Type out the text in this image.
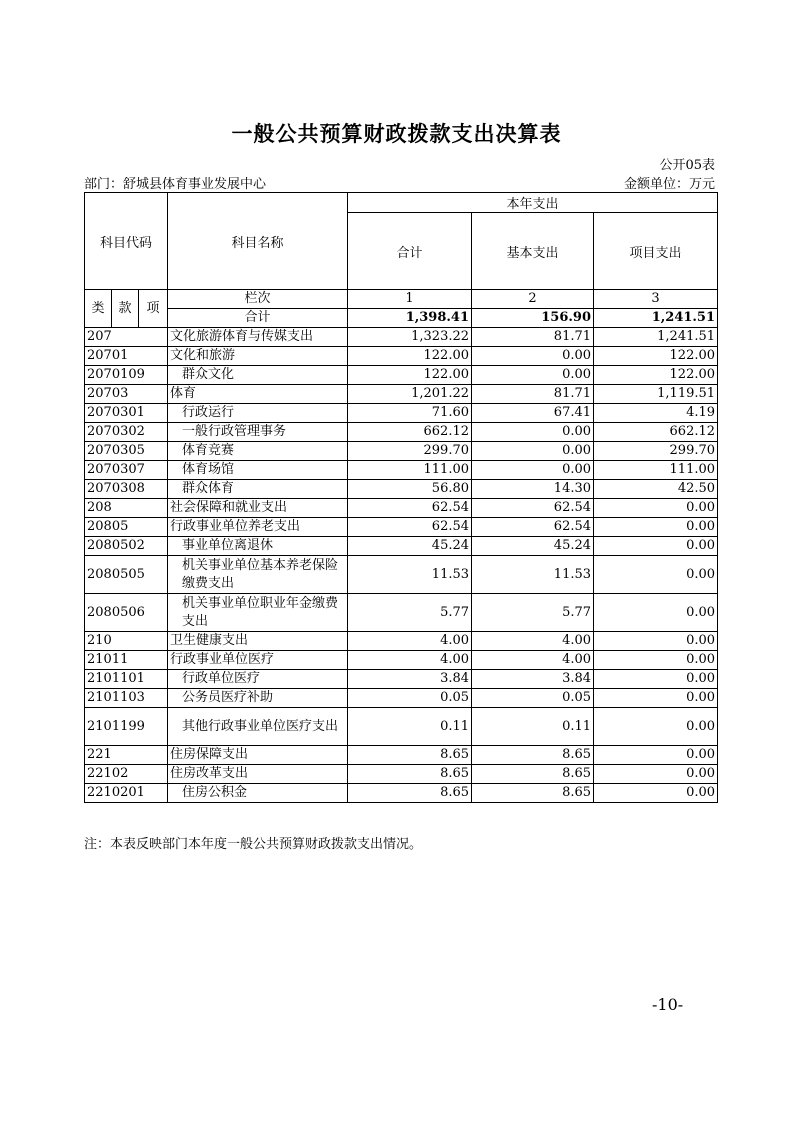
一般公共预算财政拨款支出决算表
公开05表
部门：舒城县体育事业发展中心	金额单位：万元
科目代码			科目名称	本年支出		
				合计	基本支出	项目支出
类	款	项	栏次	1	2	3
			合计	1,398.41	156.90	1,241.51
207			文化旅游体育与传媒支出	1,323.22	81.71	1,241.51
20701			文化和旅游	122.00	0.00	122.00
2070109			群众文化	122.00	0.00	122.00
20703			体育	1,201.22	81.71	1,119.51
2070301			行政运行	71.60	67.41	4.19
2070302			一般行政管理事务	662.12	0.00	662.12
2070305			体育竞赛	299.70	0.00	299.70
2070307			体育场馆	111.00	0.00	111.00
2070308			群众体育	56.80	14.30	42.50
208			社会保障和就业支出	62.54	62.54	0.00
20805			行政事业单位养老支出	62.54	62.54	0.00
2080502			事业单位离退休	45.24	45.24	0.00
2080505			机关事业单位基本养老保险缴费支出	11.53	11.53	0.00
2080506			机关事业单位职业年金缴费支出	5.77	5.77	0.00
210			卫生健康支出	4.00	4.00	0.00
21011			行政事业单位医疗	4.00	4.00	0.00
2101101			行政单位医疗	3.84	3.84	0.00
2101103			公务员医疗补助	0.05	0.05	0.00
2101199			其他行政事业单位医疗支出	0.11	0.11	0.00
221			住房保障支出	8.65	8.65	0.00
22102			住房改革支出	8.65	8.65	0.00
2210201			住房公积金	8.65	8.65	0.00
注：本表反映部门本年度一般公共预算财政拨款支出情况。
-10-
